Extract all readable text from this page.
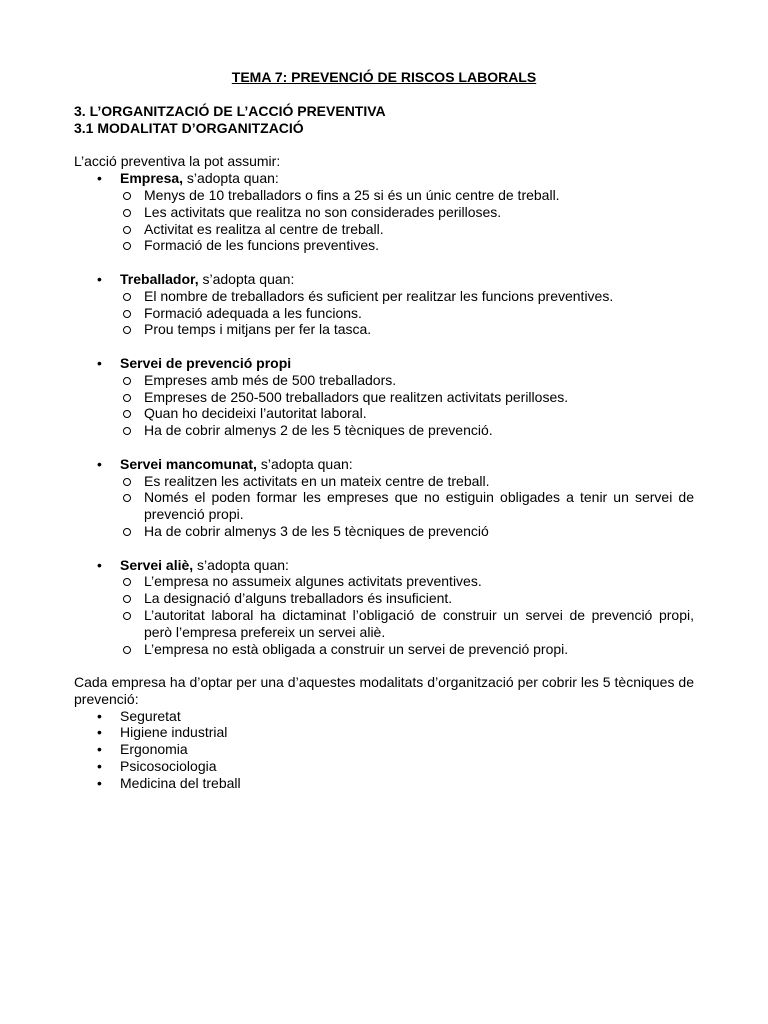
TEMA 7: PREVENCIÓ DE RISCOS LABORALS

3. L’ORGANITZACIÓ DE L’ACCIÓ PREVENTIVA

3.1 MODALITAT D’ORGANITZACIÓ

L’acció preventiva la pot assumir:

• Empresa, s’adopta quan:
Menys de 10 treballadors o fins a 25 si és un únic centre de treball.
Les activitats que realitza no son considerades perilloses.
Activitat es realitza al centre de treball.
Formació de les funcions preventives.
• Treballador, s’adopta quan:
El nombre de treballadors és suficient per realitzar les funcions preventives.
Formació adequada a les funcions.
Prou temps i mitjans per fer la tasca.
• Servei de prevenció propi
Empreses amb més de 500 treballadors.
Empreses de 250-500 treballadors que realitzen activitats perilloses.
Quan ho decideixi l’autoritat laboral.
Ha de cobrir almenys 2 de les 5 tècniques de prevenció.
• Servei mancomunat, s’adopta quan:
Es realitzen les activitats en un mateix centre de treball.
Només el poden formar les empreses que no estiguin obligades a tenir un servei de prevenció propi.
Ha de cobrir almenys 3 de les 5 tècniques de prevenció
• Servei aliè, s’adopta quan:
L’empresa no assumeix algunes activitats preventives.
La designació d’alguns treballadors és insuficient.
L’autoritat laboral ha dictaminat l’obligació de construir un servei de prevenció propi, però l’empresa prefereix un servei aliè.
L’empresa no està obligada a construir un servei de prevenció propi.

Cada empresa ha d’optar per una d’aquestes modalitats d’organització per cobrir les 5 tècniques de prevenció:

• Seguretat
• Higiene industrial
• Ergonomia
• Psicosociologia
• Medicina del treball
